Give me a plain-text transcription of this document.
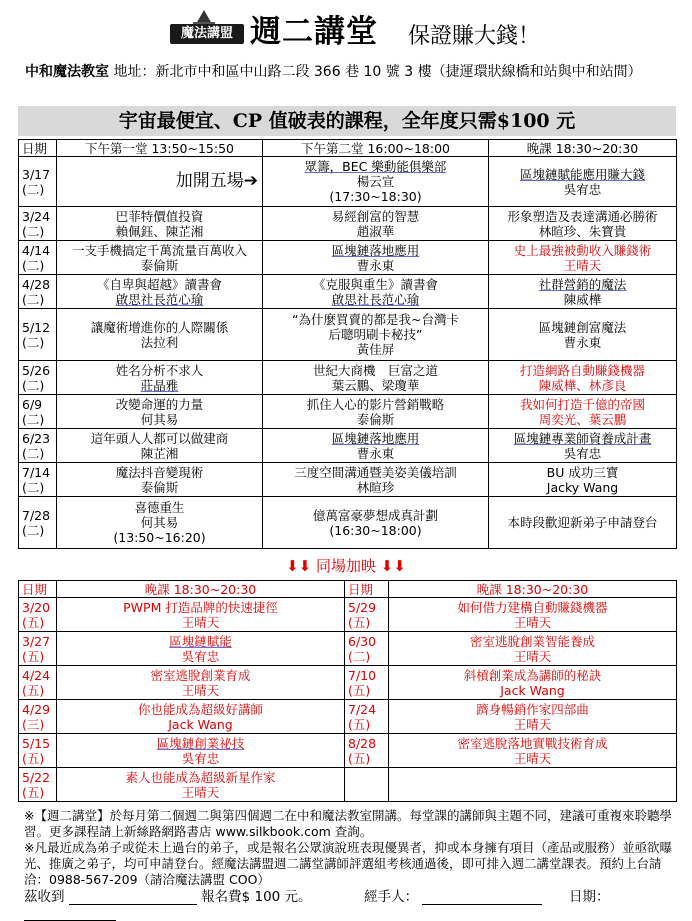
魔法講盟 週二講堂 保證賺大錢！
中和魔法教室 地址：新北市中和區中山路二段 366 巷 10 號 3 樓（捷運環狀線橋和站與中和站間）
宇宙最便宜、CP 值破表的課程，全年度只需$100 元
日期	下午第一堂 13:50~15:50	下午第二堂 16:00~18:00	晚課 18:30~20:30
3/17
(二)	加開五場➔	眾籌，BEC 樂動能俱樂部
楊云宣
(17:30~18:30)	區塊鏈賦能應用賺大錢
吳宥忠
3/24
(二)	巴菲特價值投資
賴佩鈺、陳芷湘	易經創富的智慧
趙淑華	形象塑造及表達溝通必勝術
林暄珍、朱寶貴
4/14
(二)	一支手機搞定千萬流量百萬收入
泰倫斯	區塊鏈落地應用
曹永東	史上最強被動收入賺錢術
王晴天
4/28
(二)	《自卑與超越》讀書會
啟思社長范心瑜	《克服與重生》讀書會
啟思社長范心瑜	社群營銷的魔法
陳威樺
5/12
(二)	讓魔術增進你的人際關係
法拉利	“為什麼買賣的都是我~台灣卡
后聰明刷卡秘技”
黃佳屏	區塊鏈創富魔法
曹永東
5/26
(二)	姓名分析不求人
莊晶雅	世紀大商機　巨富之道
葉云鵬、梁瓊華	打造網路自動賺錢機器
陳威樺、林彥良
6/9
(二)	改變命運的力量
何其易	抓住人心的影片營銷戰略
泰倫斯	我如何打造千億的帝國
周奕光、葉云鵬
6/23
(二)	這年頭人人都可以做建商
陳芷湘	區塊鏈落地應用
曹永東	區塊鏈專業師資養成計畫
吳宥忠
7/14
(二)	魔法抖音變現術
泰倫斯	三度空間溝通暨美姿美儀培訓
林暄珍	BU 成功三寶
Jacky Wang
7/28
(二)	喜德重生
何其易
(13:50~16:20)	億萬富豪夢想成真計劃
(16:30~18:00)	本時段歡迎新弟子申請登台
⬇⬇ 同場加映 ⬇⬇
日期	晚課 18:30~20:30	日期	晚課 18:30~20:30
3/20
(五)	PWPM 打造品牌的快速捷徑
王晴天	5/29
(五)	如何借力建構自動賺錢機器
王晴天
3/27
(五)	區塊鏈賦能
吳宥忠	6/30
(二)	密室逃脫創業智能養成
王晴天
4/24
(五)	密室逃脫創業育成
王晴天	7/10
(五)	斜槓創業成為講師的秘訣
Jack Wang
4/29
(三)	你也能成為超級好講師
Jack Wang	7/24
(五)	躋身暢銷作家四部曲
王晴天
5/15
(五)	區塊鏈創業祕技
吳宥忠	8/28
(五)	密室逃脫落地實戰技術育成
王晴天
5/22
(五)	素人也能成為超級新星作家
王晴天		
※【週二講堂】於每月第二個週二與第四個週二在中和魔法教室開講。每堂課的講師與主題不同，建議可重複來聆聽學習。更多課程請上新絲路網路書店 www.silkbook.com 查詢。
※凡最近成為弟子或從未上過台的弟子，或是報名公眾演說班表現優異者，抑或本身擁有項目（產品或服務）並亟欲曝光、推廣之弟子，均可申請登台。經魔法講盟週二講堂講師評選組考核通過後，即可排入週二講堂課表。預約上台請洽：0988-567-209（請洽魔法講盟 COO）
茲收到	報名費$ 100 元。	經手人：	日期：
